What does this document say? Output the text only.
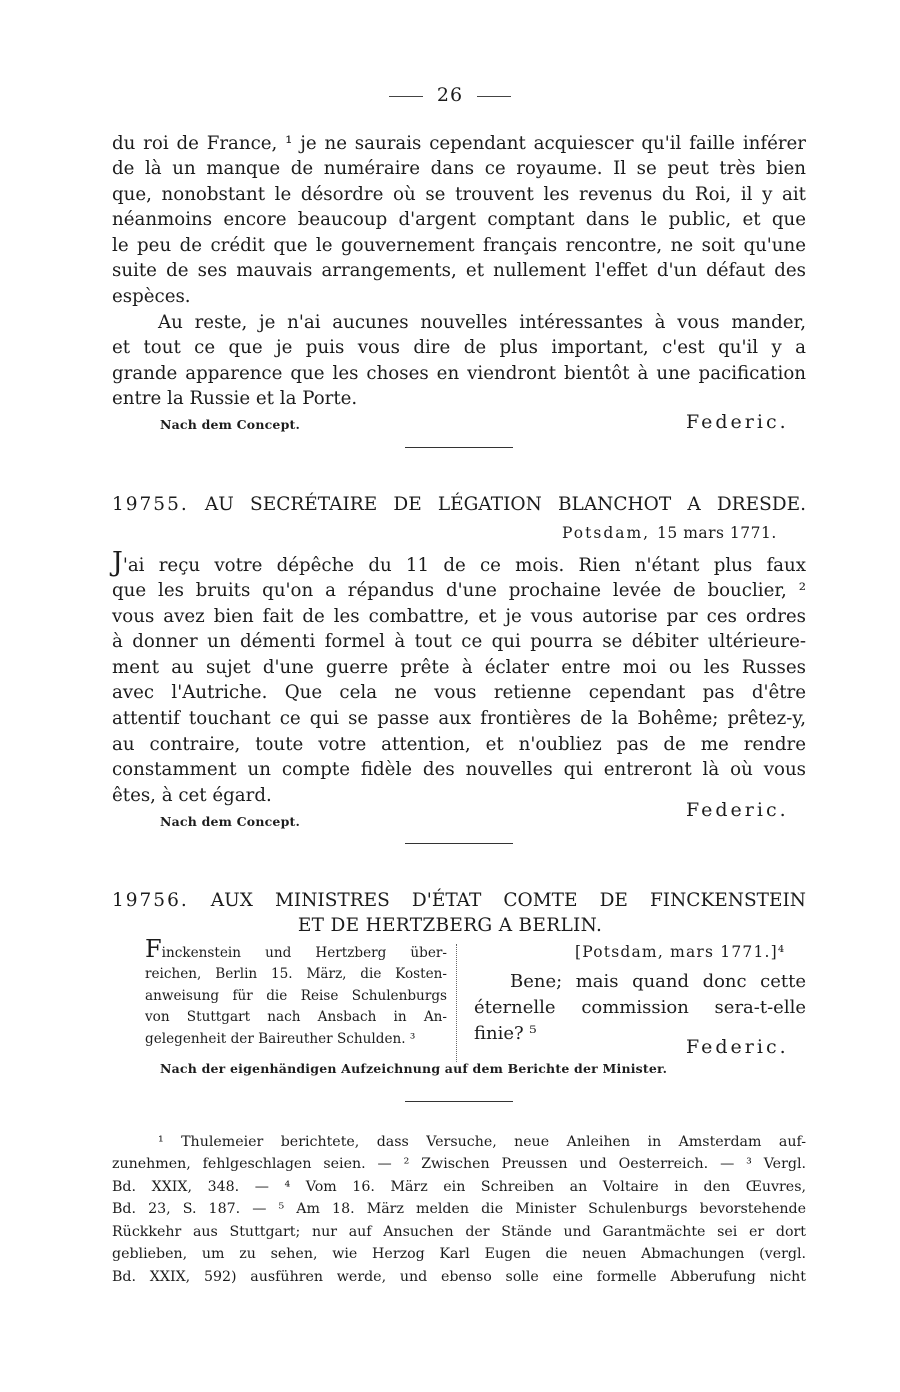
26
du roi de France, ¹ je ne saurais cependant acquiescer qu'il faille inférer
de là un manque de numéraire dans ce royaume. Il se peut très bien
que, nonobstant le désordre où se trouvent les revenus du Roi, il y ait
néanmoins encore beaucoup d'argent comptant dans le public, et que
le peu de crédit que le gouvernement français rencontre, ne soit qu'une
suite de ses mauvais arrangements, et nullement l'effet d'un défaut des
espèces.
Au reste, je n'ai aucunes nouvelles intéressantes à vous mander,
et tout ce que je puis vous dire de plus important, c'est qu'il y a
grande apparence que les choses en viendront bientôt à une pacification
entre la Russie et la Porte.
Nach dem Concept.	Federic.
19755. AU SECRÉTAIRE DE LÉGATION BLANCHOT A DRESDE.
Potsdam, 15 mars 1771.
J'ai reçu votre dépêche du 11 de ce mois. Rien n'étant plus faux
que les bruits qu'on a répandus d'une prochaine levée de bouclier, ²
vous avez bien fait de les combattre, et je vous autorise par ces ordres
à donner un démenti formel à tout ce qui pourra se débiter ultérieure-
ment au sujet d'une guerre prête à éclater entre moi ou les Russes
avec l'Autriche. Que cela ne vous retienne cependant pas d'être
attentif touchant ce qui se passe aux frontières de la Bohême; prêtez-y,
au contraire, toute votre attention, et n'oubliez pas de me rendre
constamment un compte fidèle des nouvelles qui entreront là où vous
êtes, à cet égard.
Nach dem Concept.
Federic.
19756. AUX MINISTRES D'ÉTAT COMTE DE FINCKENSTEIN
ET DE HERTZBERG A BERLIN.
Finckenstein und Hertzberg über-
reichen, Berlin 15. März, die Kosten-
anweisung für die Reise Schulenburgs
von Stuttgart nach Ansbach in An-
gelegenheit der Baireuther Schulden. ³
[Potsdam, mars 1771.]⁴
Bene; mais quand donc cette
éternelle commission sera-t-elle
finie? ⁵
Federic.
Nach der eigenhändigen Aufzeichnung auf dem Berichte der Minister.
¹ Thulemeier berichtete, dass Versuche, neue Anleihen in Amsterdam auf-
zunehmen, fehlgeschlagen seien. — ² Zwischen Preussen und Oesterreich. — ³ Vergl.
Bd. XXIX, 348. — ⁴ Vom 16. März ein Schreiben an Voltaire in den Œuvres,
Bd. 23, S. 187. — ⁵ Am 18. März melden die Minister Schulenburgs bevorstehende
Rückkehr aus Stuttgart; nur auf Ansuchen der Stände und Garantmächte sei er dort
geblieben, um zu sehen, wie Herzog Karl Eugen die neuen Abmachungen (vergl.
Bd. XXIX, 592) ausführen werde, und ebenso solle eine formelle Abberufung nicht
